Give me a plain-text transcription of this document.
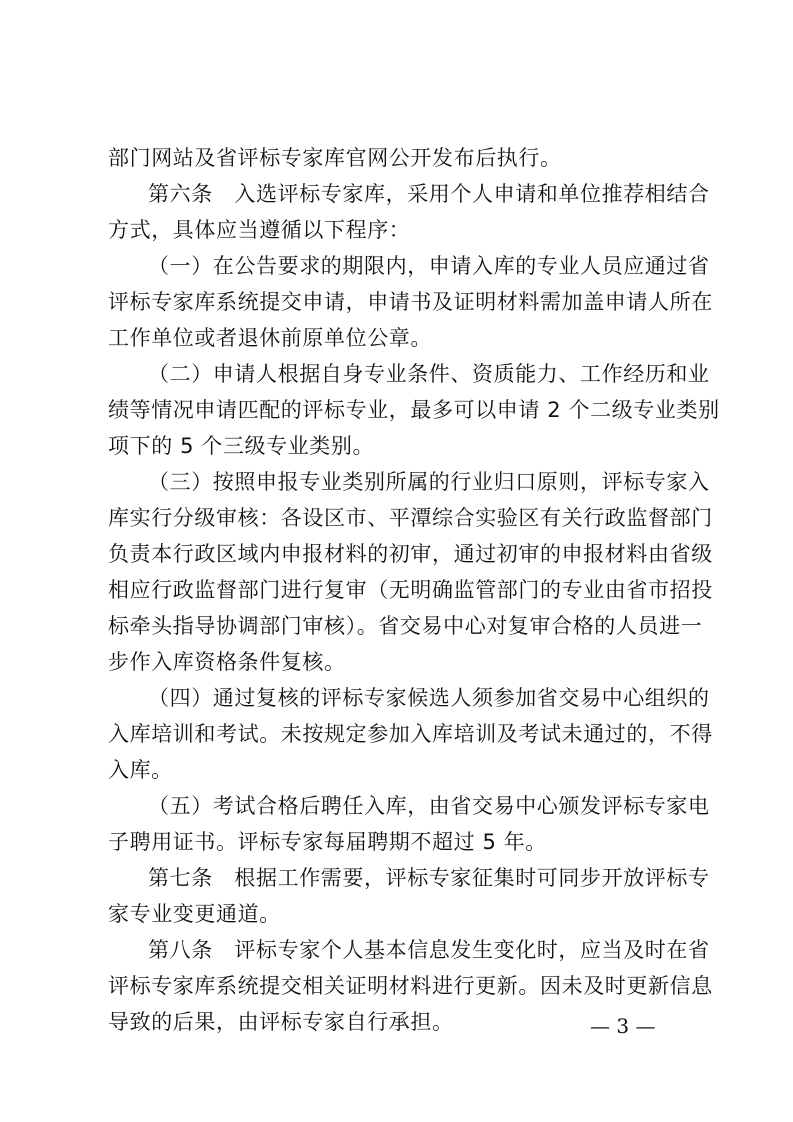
部门网站及省评标专家库官网公开发布后执行。
第六条　入选评标专家库，采用个人申请和单位推荐相结合
方式，具体应当遵循以下程序：
（一）在公告要求的期限内，申请入库的专业人员应通过省
评标专家库系统提交申请，申请书及证明材料需加盖申请人所在
工作单位或者退休前原单位公章。
（二）申请人根据自身专业条件、资质能力、工作经历和业
绩等情况申请匹配的评标专业，最多可以申请 2 个二级专业类别
项下的 5 个三级专业类别。
（三）按照申报专业类别所属的行业归口原则，评标专家入
库实行分级审核：各设区市、平潭综合实验区有关行政监督部门
负责本行政区域内申报材料的初审，通过初审的申报材料由省级
相应行政监督部门进行复审（无明确监管部门的专业由省市招投
标牵头指导协调部门审核）。省交易中心对复审合格的人员进一
步作入库资格条件复核。
（四）通过复核的评标专家候选人须参加省交易中心组织的
入库培训和考试。未按规定参加入库培训及考试未通过的，不得
入库。
（五）考试合格后聘任入库，由省交易中心颁发评标专家电
子聘用证书。评标专家每届聘期不超过 5 年。
第七条　根据工作需要，评标专家征集时可同步开放评标专
家专业变更通道。
第八条　评标专家个人基本信息发生变化时，应当及时在省
评标专家库系统提交相关证明材料进行更新。因未及时更新信息
导致的后果，由评标专家自行承担。	— 3 —
